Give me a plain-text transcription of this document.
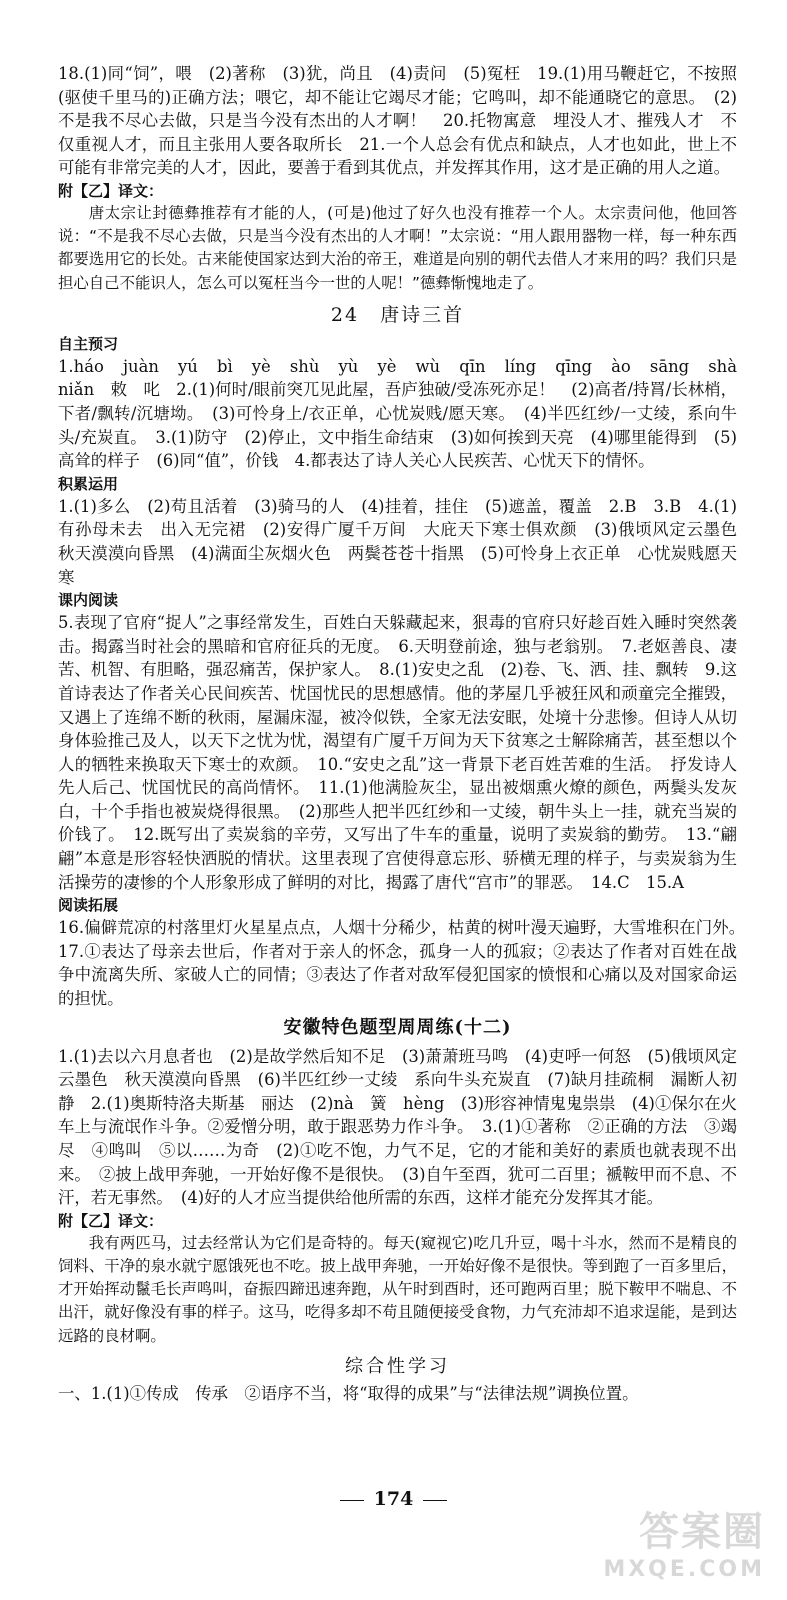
18.(1)同“饲”，喂　(2)著称　(3)犹，尚且　(4)责问　(5)冤枉　19.(1)用马鞭赶它，不按照(驱使千里马的)正确方法；喂它，却不能让它竭尽才能；它鸣叫，却不能通晓它的意思。　(2)不是我不尽心去做，只是当今没有杰出的人才啊！　20.托物寓意　埋没人才、摧残人才　不仅重视人才，而且主张用人要各取所长　21.一个人总会有优点和缺点，人才也如此，世上不可能有非常完美的人才，因此，要善于看到其优点，并发挥其作用，这才是正确的用人之道。

附【乙】译文：

唐太宗让封德彝推荐有才能的人，(可是)他过了好久也没有推荐一个人。太宗责问他，他回答说：“不是我不尽心去做，只是当今没有杰出的人才啊！”太宗说：“用人跟用器物一样，每一种东西都要选用它的长处。古来能使国家达到大治的帝王，难道是向别的朝代去借人才来用的吗？我们只是担心自己不能识人，怎么可以冤枉当今一世的人呢！”德彝惭愧地走了。

24　唐诗三首

自主预习

1.háo　juàn　yú　bì　yè　shù　yù　yè　wù　qīn　líng　qīng　ào　sāng　shà　niǎn　敕　叱　2.(1)何时/眼前突兀见此屋，吾庐独破/受冻死亦足！　(2)高者/持罥/长林梢，下者/飘转/沉塘坳。　(3)可怜身上/衣正单，心忧炭贱/愿天寒。　(4)半匹红纱/一丈绫，系向牛头/充炭直。　3.(1)防守　(2)停止，文中指生命结束　(3)如何挨到天亮　(4)哪里能得到　(5)高耸的样子　(6)同“值”，价钱　4.都表达了诗人关心人民疾苦、心忧天下的情怀。

积累运用

1.(1)多么　(2)苟且活着　(3)骑马的人　(4)挂着，挂住　(5)遮盖，覆盖　2.B　3.B　4.(1)有孙母未去　出入无完裙　(2)安得广厦千万间　大庇天下寒士俱欢颜　(3)俄顷风定云墨色　秋天漠漠向昏黑　(4)满面尘灰烟火色　两鬓苍苍十指黑　(5)可怜身上衣正单　心忧炭贱愿天寒

课内阅读

5.表现了官府“捉人”之事经常发生，百姓白天躲藏起来，狠毒的官府只好趁百姓入睡时突然袭击。揭露当时社会的黑暗和官府征兵的无度。　6.天明登前途，独与老翁别。　7.老妪善良、凄苦、机智、有胆略，强忍痛苦，保护家人。　8.(1)安史之乱　(2)卷、飞、洒、挂、飘转　9.这首诗表达了作者关心民间疾苦、忧国忧民的思想感情。他的茅屋几乎被狂风和顽童完全摧毁，又遇上了连绵不断的秋雨，屋漏床湿，被冷似铁，全家无法安眠，处境十分悲惨。但诗人从切身体验推己及人，以天下之忧为忧，渴望有广厦千万间为天下贫寒之士解除痛苦，甚至想以个人的牺牲来换取天下寒士的欢颜。　10.“安史之乱”这一背景下老百姓苦难的生活。　抒发诗人先人后己、忧国忧民的高尚情怀。　11.(1)他满脸灰尘，显出被烟熏火燎的颜色，两鬓头发灰白，十个手指也被炭烧得很黑。　(2)那些人把半匹红纱和一丈绫，朝牛头上一挂，就充当炭的价钱了。　12.既写出了卖炭翁的辛劳，又写出了牛车的重量，说明了卖炭翁的勤劳。　13.“翩翩”本意是形容轻快洒脱的情状。这里表现了宫使得意忘形、骄横无理的样子，与卖炭翁为生活操劳的凄惨的个人形象形成了鲜明的对比，揭露了唐代“宫市”的罪恶。　14.C　15.A

阅读拓展

16.偏僻荒凉的村落里灯火星星点点，人烟十分稀少，枯黄的树叶漫天遍野，大雪堆积在门外。　17.①表达了母亲去世后，作者对于亲人的怀念，孤身一人的孤寂；②表达了作者对百姓在战争中流离失所、家破人亡的同情；③表达了作者对敌军侵犯国家的愤恨和心痛以及对国家命运的担忧。

安徽特色题型周周练(十二)

1.(1)去以六月息者也　(2)是故学然后知不足　(3)萧萧班马鸣　(4)吏呼一何怒　(5)俄顷风定云墨色　秋天漠漠向昏黑　(6)半匹红纱一丈绫　系向牛头充炭直　(7)缺月挂疏桐　漏断人初静　2.(1)奥斯特洛夫斯基　丽达　(2)nà　簧　hèng　(3)形容神情鬼鬼祟祟　(4)①保尔在火车上与流氓作斗争。②爱憎分明，敢于跟恶势力作斗争。　3.(1)①著称　②正确的方法　③竭尽　④鸣叫　⑤以……为奇　(2)①吃不饱，力气不足，它的才能和美好的素质也就表现不出来。　②披上战甲奔驰，一开始好像不是很快。　(3)自午至酉，犹可二百里；褫鞍甲而不息、不汗，若无事然。　(4)好的人才应当提供给他所需的东西，这样才能充分发挥其才能。

附【乙】译文：

我有两匹马，过去经常认为它们是奇特的。每天(窥视它)吃几升豆，喝十斗水，然而不是精良的饲料、干净的泉水就宁愿饿死也不吃。披上战甲奔驰，一开始好像不是很快。等到跑了一百多里后，才开始挥动鬣毛长声鸣叫，奋振四蹄迅速奔跑，从午时到酉时，还可跑两百里；脱下鞍甲不喘息、不出汗，就好像没有事的样子。这马，吃得多却不苟且随便接受食物，力气充沛却不追求逞能，是到达远路的良材啊。

综合性学习

一、1.(1)①传成　传承　②语序不当，将“取得的成果”与“法律法规”调换位置。

174
答案圈
MXQE.COM
